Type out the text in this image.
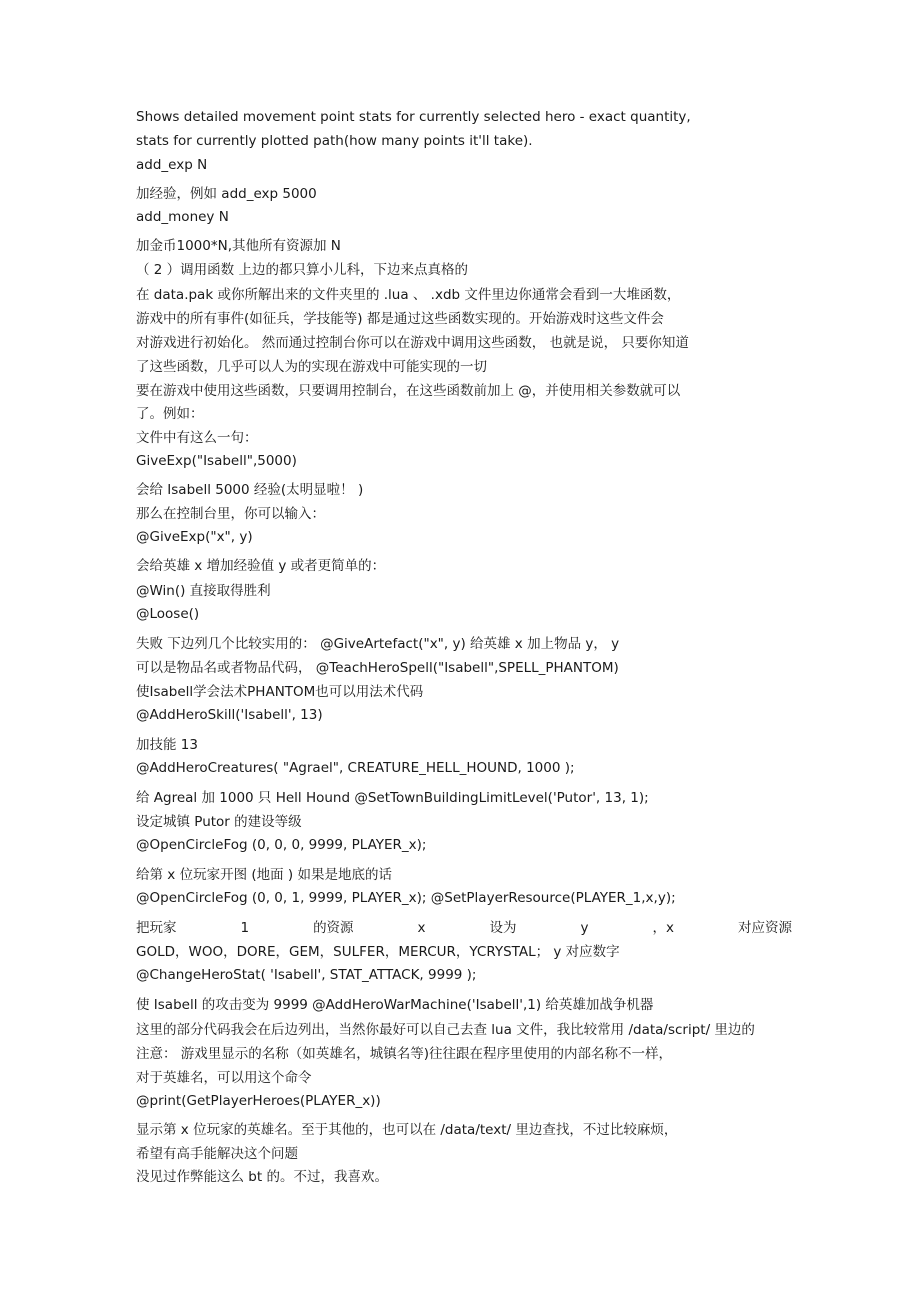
Shows detailed movement point stats for currently selected hero - exact quantity,
stats for currently plotted path(how many points it'll take).
add_exp N
加经验，例如 add_exp 5000
add_money N
加金币1000*N,其他所有资源加 N
（ 2 ）调用函数 上边的都只算小儿科，下边来点真格的
在 data.pak 或你所解出来的文件夹里的 .lua 、 .xdb 文件里边你通常会看到一大堆函数，
游戏中的所有事件(如征兵，学技能等) 都是通过这些函数实现的。开始游戏时这些文件会
对游戏进行初始化。 然而通过控制台你可以在游戏中调用这些函数， 也就是说， 只要你知道
了这些函数，几乎可以人为的实现在游戏中可能实现的一切
要在游戏中使用这些函数，只要调用控制台，在这些函数前加上 @，并使用相关参数就可以
了。例如：
文件中有这么一句：
GiveExp("Isabell",5000)
会给 Isabell 5000 经验(太明显啦！ )
那么在控制台里，你可以输入：
@GiveExp("x", y)
会给英雄 x 增加经验值 y 或者更简单的：
@Win() 直接取得胜利
@Loose()
失败 下边列几个比较实用的： @GiveArtefact("x", y) 给英雄 x 加上物品 y， y
可以是物品名或者物品代码， @TeachHeroSpell("Isabell",SPELL_PHANTOM)
使Isabell学会法术PHANTOM也可以用法术代码
@AddHeroSkill('Isabell', 13)
加技能 13
@AddHeroCreatures( "Agrael", CREATURE_HELL_HOUND, 1000 );
给 Agreal 加 1000 只 Hell Hound @SetTownBuildingLimitLevel('Putor', 13, 1);
设定城镇 Putor 的建设等级
@OpenCircleFog (0, 0, 0, 9999, PLAYER_x);
给第 x 位玩家开图 (地面 ) 如果是地底的话
@OpenCircleFog (0, 0, 1, 9999, PLAYER_x); @SetPlayerResource(PLAYER_1,x,y);
把玩家	1	的资源	x	设为	y	，x	对应资源
GOLD，WOO，DORE，GEM，SULFER，MERCUR，YCRYSTAL； y 对应数字
@ChangeHeroStat( 'Isabell', STAT_ATTACK, 9999 );
使 Isabell 的攻击变为 9999 @AddHeroWarMachine('Isabell',1) 给英雄加战争机器
这里的部分代码我会在后边列出，当然你最好可以自己去查 lua 文件，我比较常用 /data/script/ 里边的
注意： 游戏里显示的名称（如英雄名，城镇名等)往往跟在程序里使用的内部名称不一样，
对于英雄名，可以用这个命令
@print(GetPlayerHeroes(PLAYER_x))
显示第 x 位玩家的英雄名。至于其他的，也可以在 /data/text/ 里边查找，不过比较麻烦，
希望有高手能解决这个问题
没见过作弊能这么 bt 的。不过，我喜欢。
